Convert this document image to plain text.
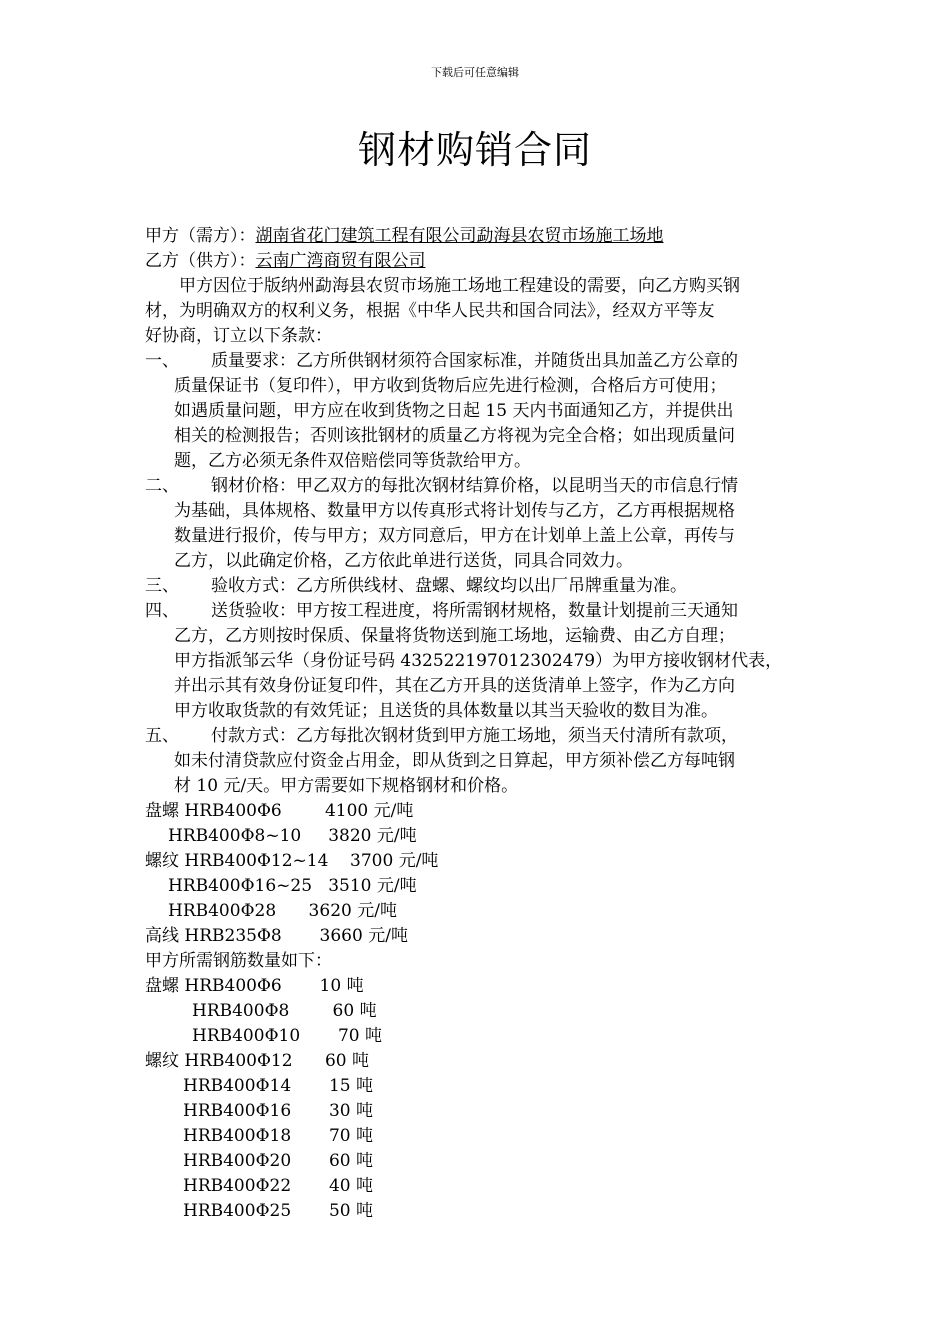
下载后可任意编辑
钢材购销合同
甲方（需方）：湖南省花门建筑工程有限公司勐海县农贸市场施工场地
乙方（供方）：云南广湾商贸有限公司
甲方因位于版纳州勐海县农贸市场施工场地工程建设的需要，向乙方购买钢
材，为明确双方的权利义务，根据《中华人民共和国合同法》，经双方平等友
好协商，订立以下条款：
一、 质量要求：乙方所供钢材须符合国家标准，并随货出具加盖乙方公章的
质量保证书（复印件），甲方收到货物后应先进行检测，合格后方可使用；
如遇质量问题，甲方应在收到货物之日起 15 天内书面通知乙方，并提供出
相关的检测报告；否则该批钢材的质量乙方将视为完全合格；如出现质量问
题，乙方必须无条件双倍赔偿同等货款给甲方。
二、 钢材价格：甲乙双方的每批次钢材结算价格，以昆明当天的市信息行情
为基础，具体规格、数量甲方以传真形式将计划传与乙方，乙方再根据规格
数量进行报价，传与甲方；双方同意后，甲方在计划单上盖上公章，再传与
乙方，以此确定价格，乙方依此单进行送货，同具合同效力。
三、 验收方式：乙方所供线材、盘螺、螺纹均以出厂吊牌重量为准。
四、 送货验收：甲方按工程进度，将所需钢材规格，数量计划提前三天通知
乙方，乙方则按时保质、保量将货物送到施工场地，运输费、由乙方自理；
甲方指派邹云华（身份证号码 432522197012302479）为甲方接收钢材代表，
并出示其有效身份证复印件，其在乙方开具的送货清单上签字，作为乙方向
甲方收取货款的有效凭证；且送货的具体数量以其当天验收的数目为准。
五、 付款方式：乙方每批次钢材货到甲方施工场地，须当天付清所有款项，
如未付清贷款应付资金占用金，即从货到之日算起，甲方须补偿乙方每吨钢
材 10 元/天。甲方需要如下规格钢材和价格。
盘螺 HRB400Φ6        4100 元/吨
HRB400Φ8~10     3820 元/吨
螺纹 HRB400Φ12~14    3700 元/吨
HRB400Φ16~25   3510 元/吨
HRB400Φ28      3620 元/吨
高线 HRB235Φ8       3660 元/吨
甲方所需钢筋数量如下：
盘螺 HRB400Φ6       10 吨
HRB400Φ8        60 吨
HRB400Φ10       70 吨
螺纹 HRB400Φ12      60 吨
HRB400Φ14       15 吨
HRB400Φ16       30 吨
HRB400Φ18       70 吨
HRB400Φ20       60 吨
HRB400Φ22       40 吨
HRB400Φ25       50 吨
